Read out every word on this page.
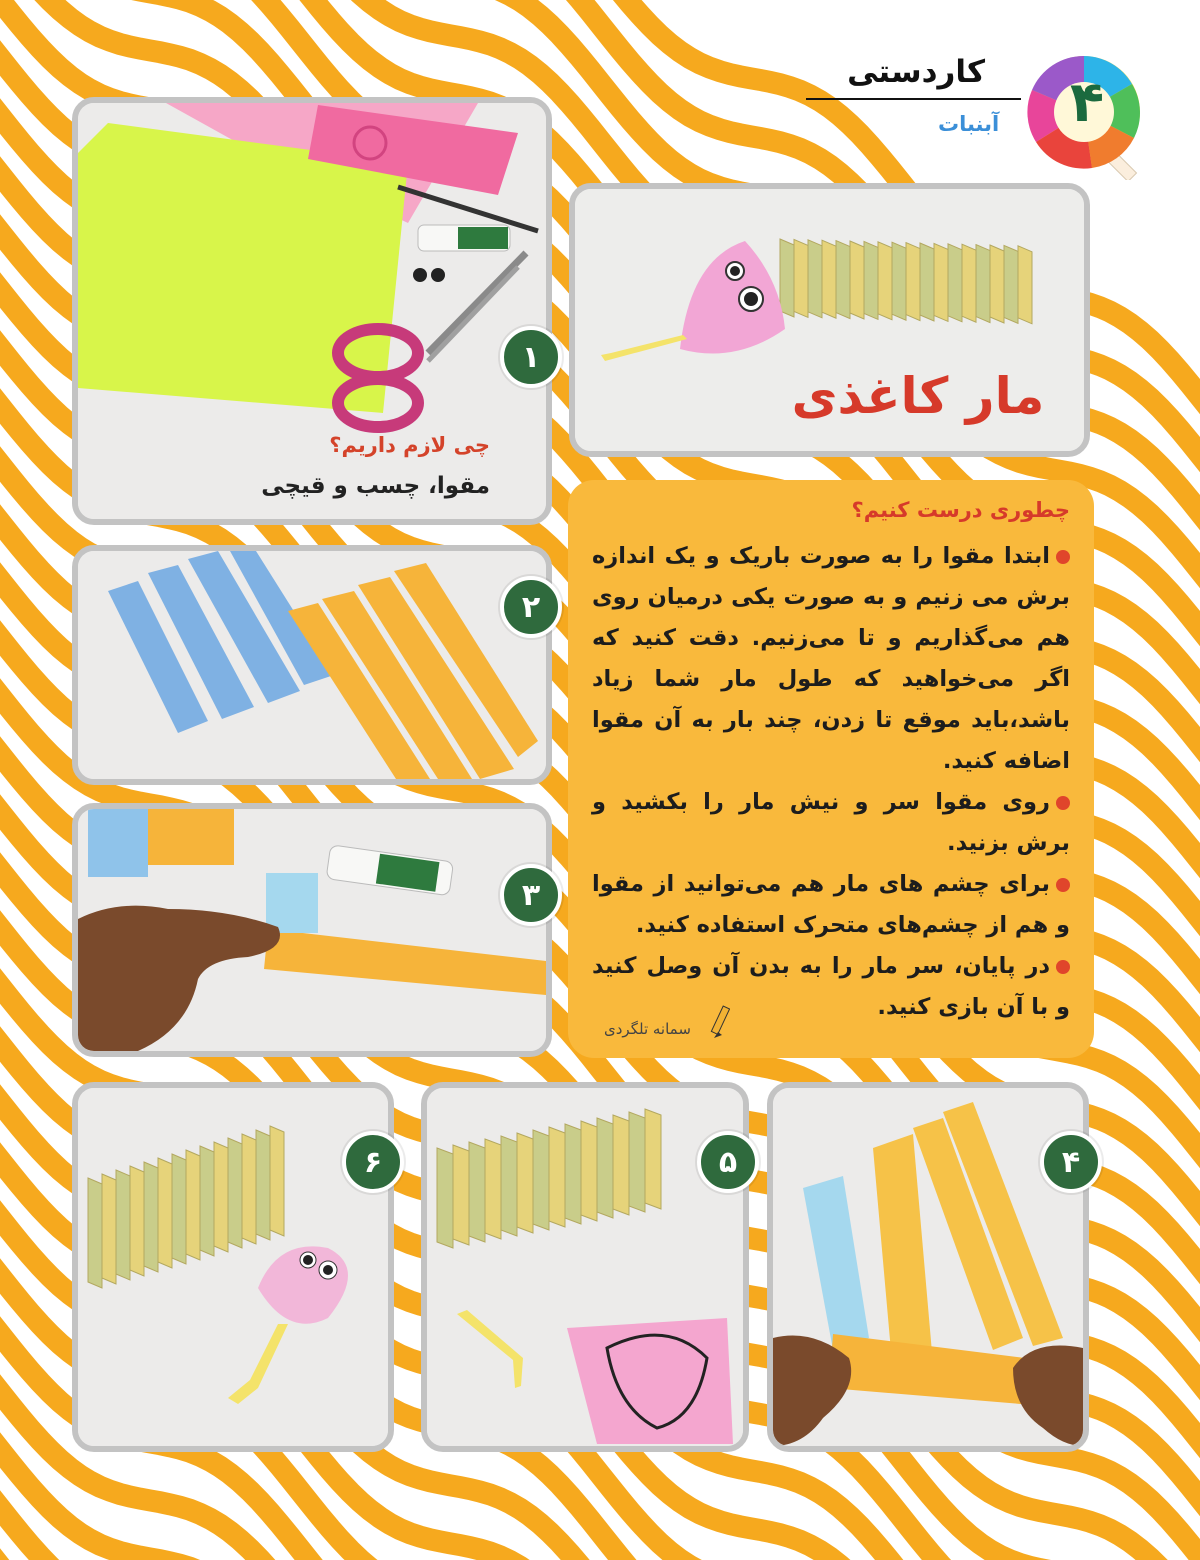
کاردستی
آبنبات	۴
چی لازم داریم؟
مقوا، چسب و قیچی
۱
مار کاغذی
چطوری درست کنیم؟

ابتدا مقوا را به صورت باریک و یک اندازه برش می زنیم و به صورت یکی درمیان روی هم می‌گذاریم و تا می‌زنیم. دقت کنید که اگر می‌خواهید که طول مار شما زیاد باشد،باید موقع تا زدن، چند بار به آن مقوا اضافه کنید.

روی مقوا سر و نیش مار را بکشید و برش بزنید.

برای چشم های مار هم می‌توانید از مقوا و هم از چشم‌های متحرک استفاده کنید.

در پایان، سر مار را به بدن آن وصل کنید و با آن بازی کنید.

سمانه تلگردی
۲
۳
۶	۵	۴
